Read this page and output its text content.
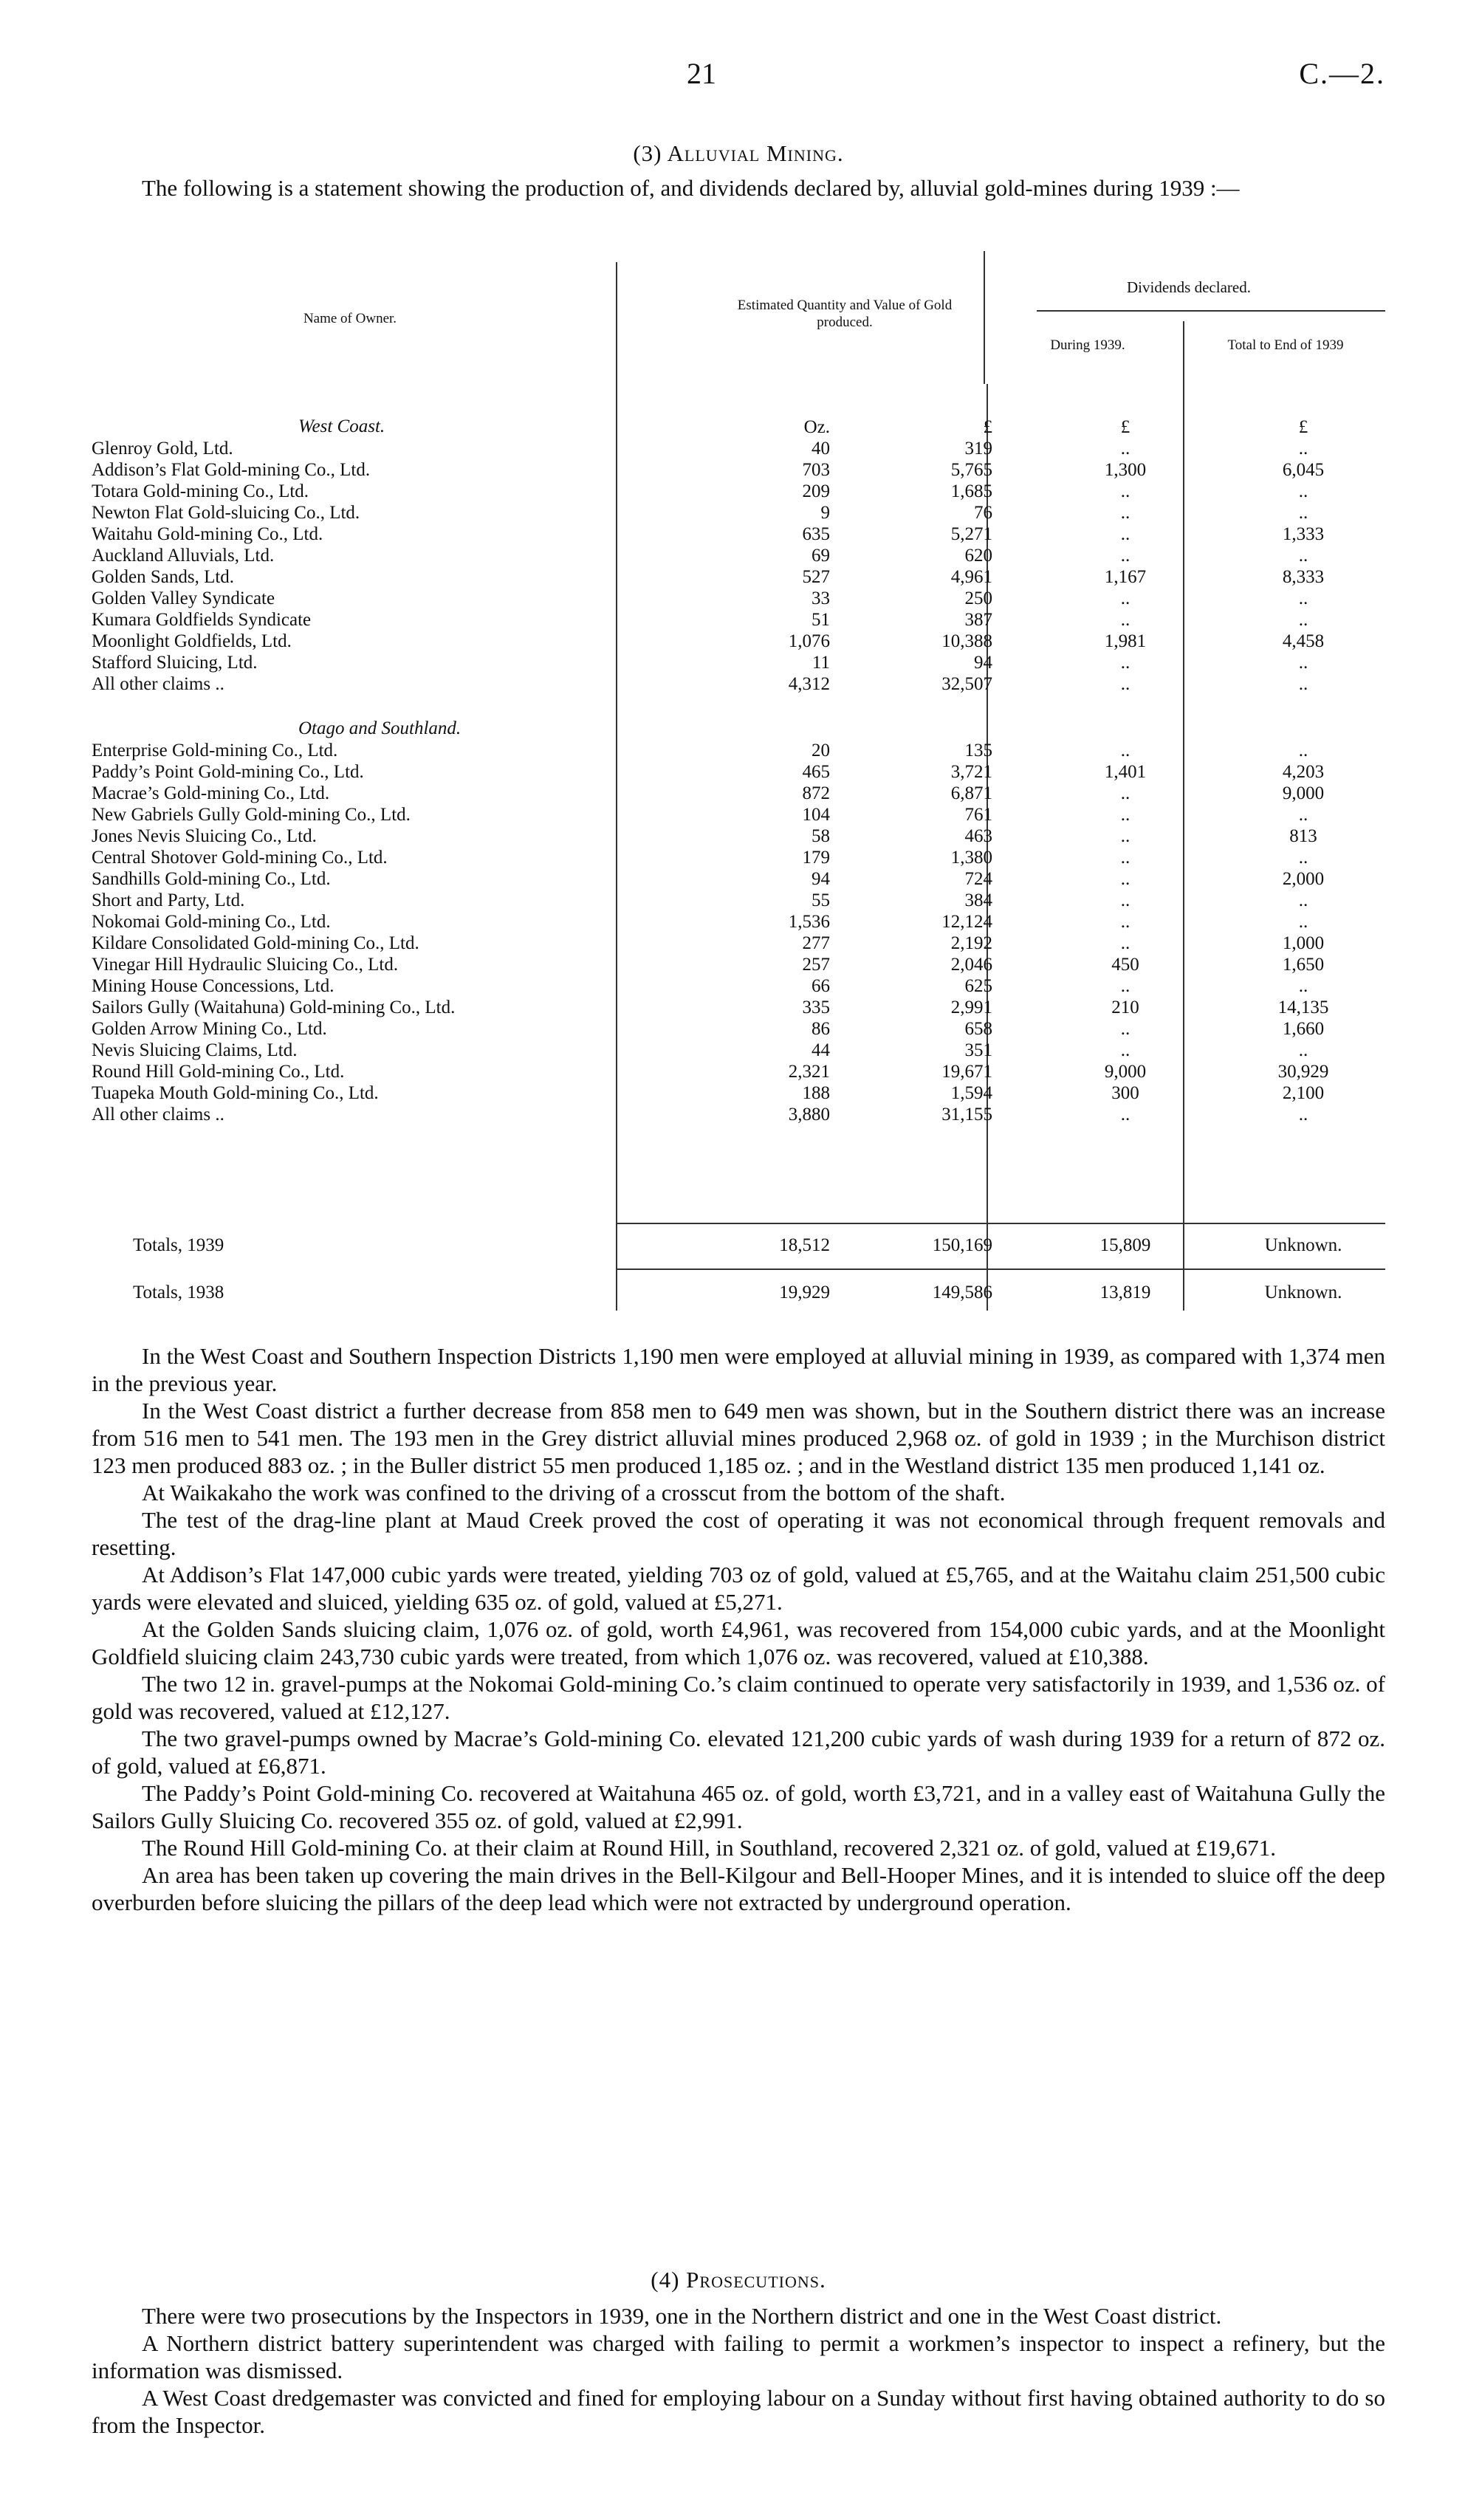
21	C.—2.
(3) Alluvial Mining.
The following is a statement showing the production of, and dividends declared by, alluvial gold-mines during 1939 :—
Name of Owner.
Estimated Quantity and Value of Gold produced.
Dividends declared.
During 1939.	Total to End of 1939
Oz.	£	£	£
West Coast.
Glenroy Gold, Ltd.	40	319	..	..
Addison’s Flat Gold-mining Co., Ltd.	703	5,765	1,300	6,045
Totara Gold-mining Co., Ltd.	209	1,685	..	..
Newton Flat Gold-sluicing Co., Ltd.	9	76	..	..
Waitahu Gold-mining Co., Ltd.	635	5,271	..	1,333
Auckland Alluvials, Ltd.	69	620	..	..
Golden Sands, Ltd.	527	4,961	1,167	8,333
Golden Valley Syndicate	33	250	..	..
Kumara Goldfields Syndicate	51	387	..	..
Moonlight Goldfields, Ltd.	1,076	10,388	1,981	4,458
Stafford Sluicing, Ltd.	11	94	..	..
All other claims ..	4,312	32,507	..	..
Otago and Southland.
Enterprise Gold-mining Co., Ltd.	20	135	..	..
Paddy’s Point Gold-mining Co., Ltd.	465	3,721	1,401	4,203
Macrae’s Gold-mining Co., Ltd.	872	6,871	..	9,000
New Gabriels Gully Gold-mining Co., Ltd.	104	761	..	..
Jones Nevis Sluicing Co., Ltd.	58	463	..	813
Central Shotover Gold-mining Co., Ltd.	179	1,380	..	..
Sandhills Gold-mining Co., Ltd.	94	724	..	2,000
Short and Party, Ltd.	55	384	..	..
Nokomai Gold-mining Co., Ltd.	1,536	12,124	..	..
Kildare Consolidated Gold-mining Co., Ltd.	277	2,192	..	1,000
Vinegar Hill Hydraulic Sluicing Co., Ltd.	257	2,046	450	1,650
Mining House Concessions, Ltd.	66	625	..	..
Sailors Gully (Waitahuna) Gold-mining Co., Ltd.	335	2,991	210	14,135
Golden Arrow Mining Co., Ltd.	86	658	..	1,660
Nevis Sluicing Claims, Ltd.	44	351	..	..
Round Hill Gold-mining Co., Ltd.	2,321	19,671	9,000	30,929
Tuapeka Mouth Gold-mining Co., Ltd.	188	1,594	300	2,100
All other claims ..	3,880	31,155	..	..
Totals, 1939	18,512	150,169	15,809	Unknown.
Totals, 1938	19,929	149,586	13,819	Unknown.
In the West Coast and Southern Inspection Districts 1,190 men were employed at alluvial mining in 1939, as compared with 1,374 men in the previous year.
In the West Coast district a further decrease from 858 men to 649 men was shown, but in the Southern district there was an increase from 516 men to 541 men. The 193 men in the Grey district alluvial mines produced 2,968 oz. of gold in 1939 ; in the Murchison district 123 men produced 883 oz. ; in the Buller district 55 men produced 1,185 oz. ; and in the Westland district 135 men produced 1,141 oz.
At Waikakaho the work was confined to the driving of a crosscut from the bottom of the shaft.
The test of the drag-line plant at Maud Creek proved the cost of operating it was not economical through frequent removals and resetting.
At Addison’s Flat 147,000 cubic yards were treated, yielding 703 oz of gold, valued at £5,765, and at the Waitahu claim 251,500 cubic yards were elevated and sluiced, yielding 635 oz. of gold, valued at £5,271.
At the Golden Sands sluicing claim, 1,076 oz. of gold, worth £4,961, was recovered from 154,000 cubic yards, and at the Moonlight Goldfield sluicing claim 243,730 cubic yards were treated, from which 1,076 oz. was recovered, valued at £10,388.
The two 12 in. gravel-pumps at the Nokomai Gold-mining Co.’s claim continued to operate very satisfactorily in 1939, and 1,536 oz. of gold was recovered, valued at £12,127.
The two gravel-pumps owned by Macrae’s Gold-mining Co. elevated 121,200 cubic yards of wash during 1939 for a return of 872 oz. of gold, valued at £6,871.
The Paddy’s Point Gold-mining Co. recovered at Waitahuna 465 oz. of gold, worth £3,721, and in a valley east of Waitahuna Gully the Sailors Gully Sluicing Co. recovered 355 oz. of gold, valued at £2,991.
The Round Hill Gold-mining Co. at their claim at Round Hill, in Southland, recovered 2,321 oz. of gold, valued at £19,671.
An area has been taken up covering the main drives in the Bell-Kilgour and Bell-Hooper Mines, and it is intended to sluice off the deep overburden before sluicing the pillars of the deep lead which were not extracted by underground operation.
(4) Prosecutions.
There were two prosecutions by the Inspectors in 1939, one in the Northern district and one in the West Coast district.
A Northern district battery superintendent was charged with failing to permit a workmen’s inspector to inspect a refinery, but the information was dismissed.
A West Coast dredgemaster was convicted and fined for employing labour on a Sunday without first having obtained authority to do so from the Inspector.
